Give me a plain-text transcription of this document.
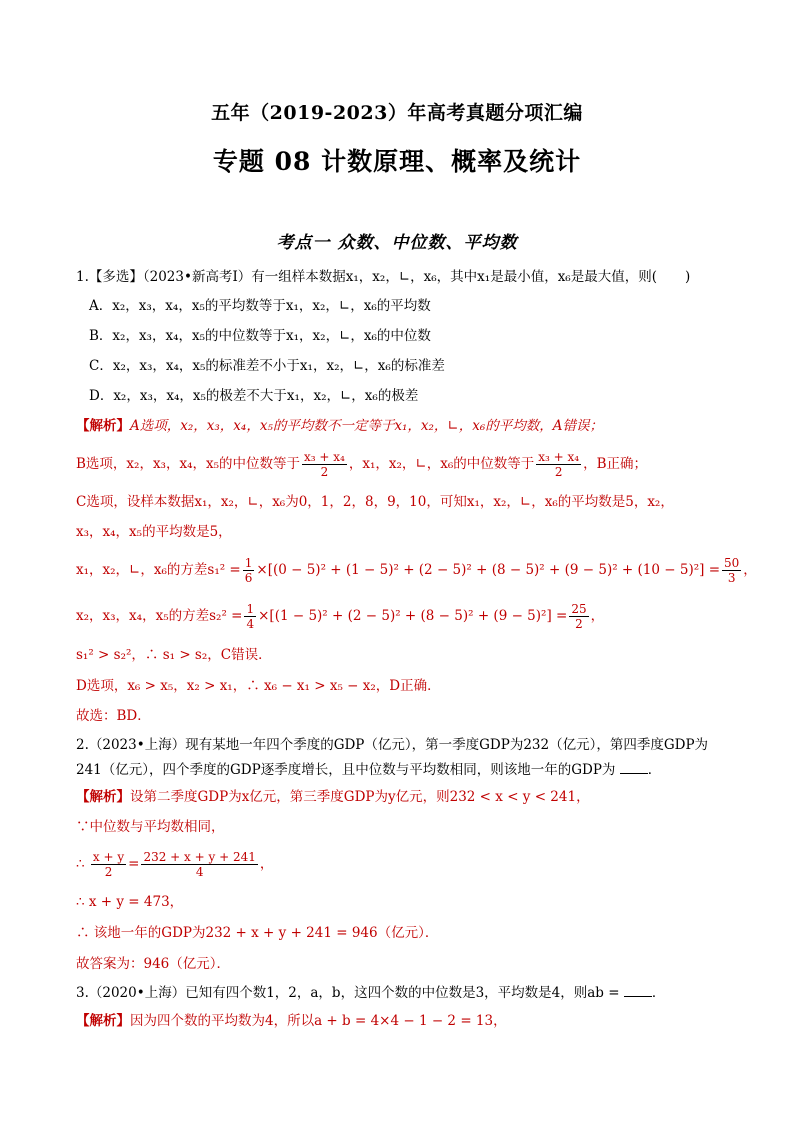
五年（2019-2023）年高考真题分项汇编
专题 08 计数原理、概率及统计
考点一 众数、中位数、平均数
1.【多选】（2023•新高考Ⅰ）有一组样本数据x₁，x₂，∟，x₆，其中x₁是最小值，x₆是最大值，则( )
A．x₂，x₃，x₄，x₅的平均数等于x₁，x₂，∟，x₆的平均数
B．x₂，x₃，x₄，x₅的中位数等于x₁，x₂，∟，x₆的中位数
C．x₂，x₃，x₄，x₅的标准差不小于x₁，x₂，∟，x₆的标准差
D．x₂，x₃，x₄，x₅的极差不大于x₁，x₂，∟，x₆的极差
【解析】A选项，x₂，x₃，x₄，x₅的平均数不一定等于x₁，x₂，∟，x₆的平均数，A错误；
B选项，x₂，x₃，x₄，x₅的中位数等于 $\frac{\text{x₃ + x₄}}{2}$ ，x₁，x₂，∟，x₆的中位数等于 $\frac{\text{x₃ + x₄}}{2}$ ，B正确；
C选项，设样本数据x₁，x₂，∟，x₆为0，1，2，8，9，10，可知x₁，x₂，∟，x₆的平均数是5，x₂，
x₃，x₄，x₅的平均数是5，
x₁，x₂，∟，x₆的方差$s_1^2 = \frac{1}{6} \times[(0 - 5)^2 + (1 - 5)^2 + (2 - 5)^2 + (8 - 5)^2 + (9 - 5)^2 + (10 - 5)^2] = \frac{50}{3}$ ，
x₂，x₃，x₄，x₅的方差$s_2^2 = \frac{1}{4} \times[(1 - 5)^2 + (2 - 5)^2 + (8 - 5)^2 + (9 - 5)^2] = \frac{25}{2}$ ，
s₁² > s₂²，∴ s₁ > s₂，C错误．
D选项，x₆ > x₅，x₂ > x₁，∴ x₆ − x₁ > x₅ − x₂，D正确．
故选：BD．
2.（2023•上海）现有某地一年四个季度的GDP（亿元），第一季度GDP为232（亿元），第四季度GDP为
241（亿元），四个季度的GDP逐季度增长，且中位数与平均数相同，则该地一年的GDP为 ．
【解析】设第二季度GDP为x亿元，第三季度GDP为y亿元，则232 < x < y < 241，
∵中位数与平均数相同，
∴ $\frac{x + y}{2} = \frac{232 + x + y + 241}{4}$ ，
∴ x + y = 473，
∴ 该地一年的GDP为232 + x + y + 241 = 946（亿元）．
故答案为：946（亿元）．
3.（2020•上海）已知有四个数1，2，a，b，这四个数的中位数是3，平均数是4，则ab = ．
【解析】因为四个数的平均数为4，所以a + b = 4×4 − 1 − 2 = 13，
